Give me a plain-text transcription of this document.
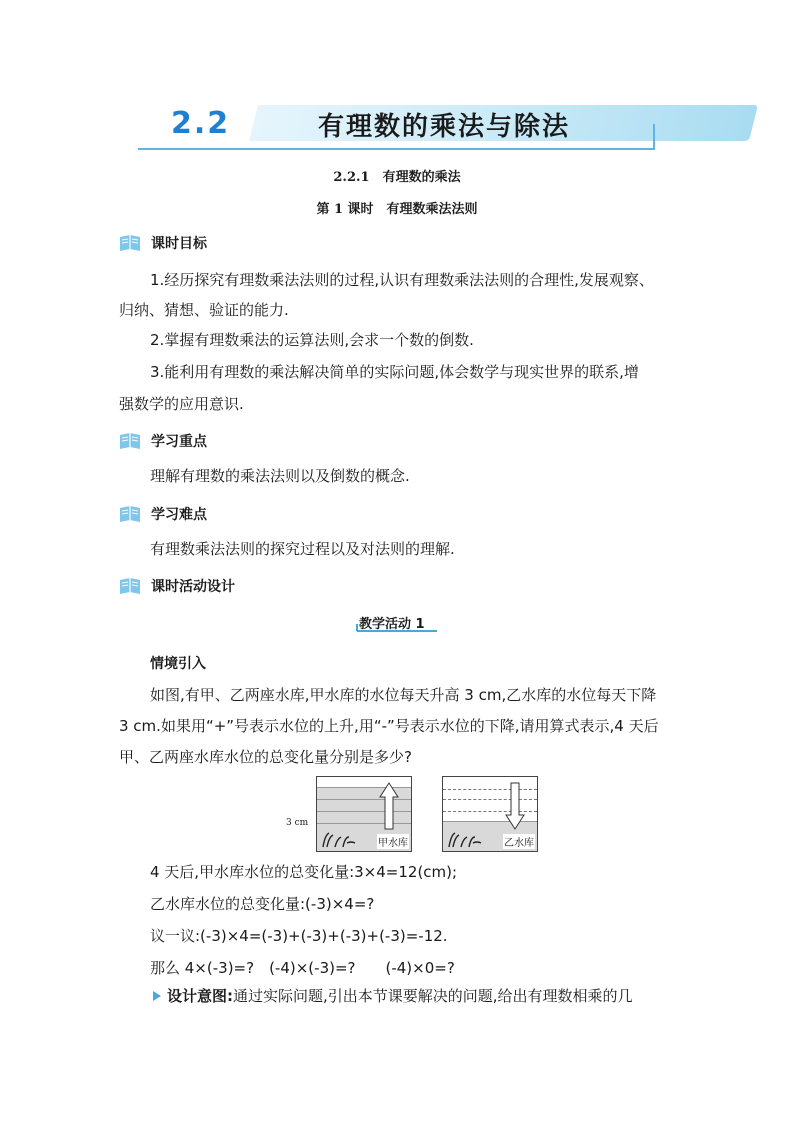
2.2	有理数的乘法与除法
2.2.1　有理数的乘法
第 1 课时　有理数乘法法则
课时目标
1.经历探究有理数乘法法则的过程,认识有理数乘法法则的合理性,发展观察、
归纳、猜想、验证的能力.
2.掌握有理数乘法的运算法则,会求一个数的倒数.
3.能利用有理数的乘法解决简单的实际问题,体会数学与现实世界的联系,增
强数学的应用意识.
学习重点
理解有理数的乘法法则以及倒数的概念.
学习难点
有理数乘法法则的探究过程以及对法则的理解.
课时活动设计
教学活动 1
情境引入
如图,有甲、乙两座水库,甲水库的水位每天升高 3 cm,乙水库的水位每天下降
3 cm.如果用“+”号表示水位的上升,用“-”号表示水位的下降,请用算式表示,4 天后
甲、乙两座水库水位的总变化量分别是多少?
3 cm
甲水库	乙水库
4 天后,甲水库水位的总变化量:3×4=12(cm);
乙水库水位的总变化量:(-3)×4=?
议一议:(-3)×4=(-3)+(-3)+(-3)+(-3)=-12.
那么 4×(-3)=?　(-4)×(-3)=?　　(-4)×0=?
设计意图:通过实际问题,引出本节课要解决的问题,给出有理数相乘的几
